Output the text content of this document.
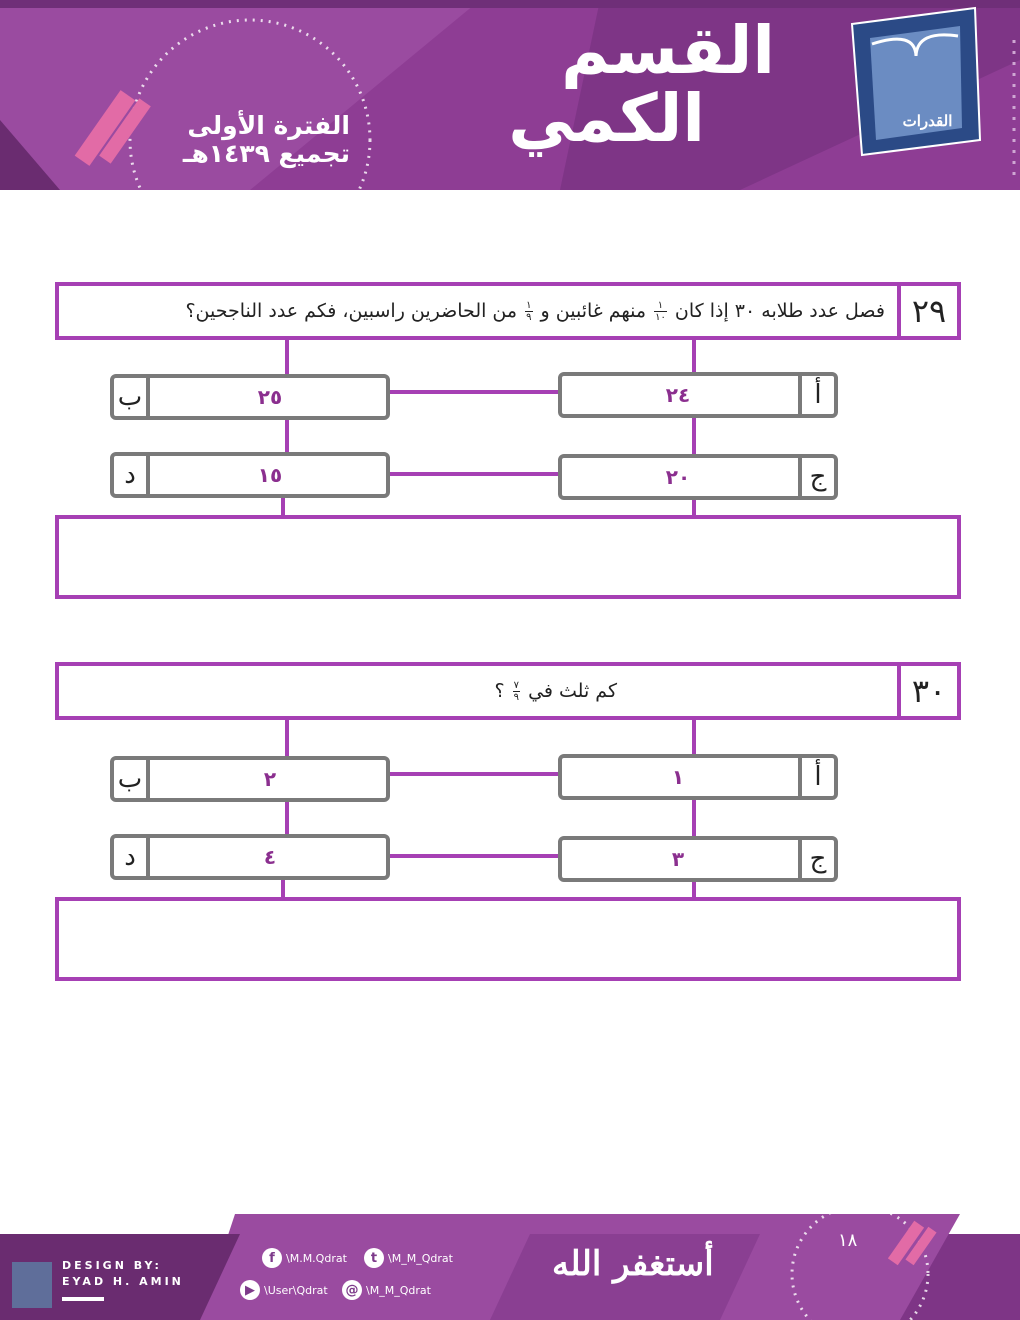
القسم
الكمي
الفترة الأولى
تجميع ١٤٣٩هـ
القدرات
٢٩
فصل عدد طلابه ٣٠ إذا كان
$\frac{١}{١٠}$
منهم غائبين و
$\frac{١}{٩}$
من الحاضرين راسبين، فكم عدد الناجحين؟
٢٤	أ
ب	٢٥
٢٠	ج
د	١٥
٣٠
كم ثلث في
$\frac{٧}{٩}$
؟
١	أ
ب	٢
٣	ج
د	٤
DESIGN BY:
EYAD H. AMIN
f	\M.M.Qdrat	t \M_M_Qdrat
▶ \User\Qdrat @ \M_M_Qdrat
أستغفر الله
١٨
